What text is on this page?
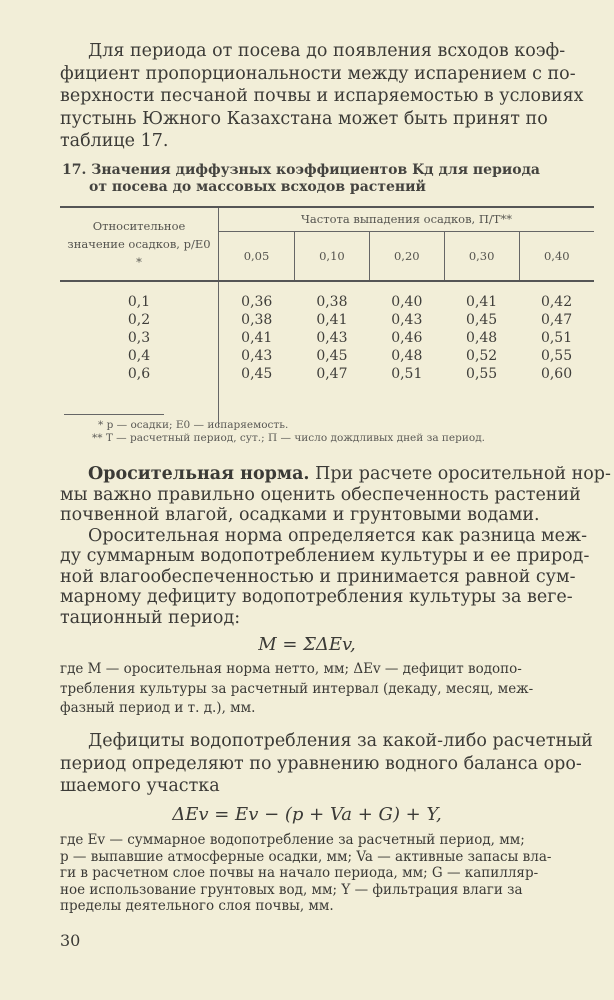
Для периода от посева до появления всходов коэф-
фициент пропорциональности между испарением с по-
верхности песчаной почвы и испаряемостью в условиях
пустынь Южного Казахстана может быть принят по
таблице 17.
17. Значения диффузных коэффициентов Kд для периода
от посева до массовых всходов растений
Относительное значение осадков, p/E0 *	Частота выпадения осадков, П/T**				
	0,05	0,10	0,20	0,30	0,40

0,1	0,36	0,38	0,40	0,41	0,42
0,2	0,38	0,41	0,43	0,45	0,47
0,3	0,41	0,43	0,46	0,48	0,51
0,4	0,43	0,45	0,48	0,52	0,55
0,6	0,45	0,47	0,51	0,55	0,60

* p — осадки; E0 — испаряемость.
** T — расчетный период, сут.; П — число дождливых дней за период.
Оросительная норма. При расчете оросительной нор-
мы важно правильно оценить обеспеченность растений
почвенной влагой, осадками и грунтовыми водами.
Оросительная норма определяется как разница меж-
ду суммарным водопотреблением культуры и ее природ-
ной влагообеспеченностью и принимается равной сум-
марному дефициту водопотребления культуры за веге-
тационный период:
M = ΣΔEv,
где M — оросительная норма нетто, мм; ΔEv — дефицит водопо-
требления культуры за расчетный интервал (декаду, месяц, меж-
фазный период и т. д.), мм.
Дефициты водопотребления за какой-либо расчетный
период определяют по уравнению водного баланса оро-
шаемого участка
ΔEv = Ev − (p + Va + G) + Y,
где Ev — суммарное водопотребление за расчетный период, мм;
p — выпавшие атмосферные осадки, мм; Va — активные запасы вла-
ги в расчетном слое почвы на начало периода, мм; G — капилляр-
ное использование грунтовых вод, мм; Y — фильтрация влаги за
пределы деятельного слоя почвы, мм.
30
